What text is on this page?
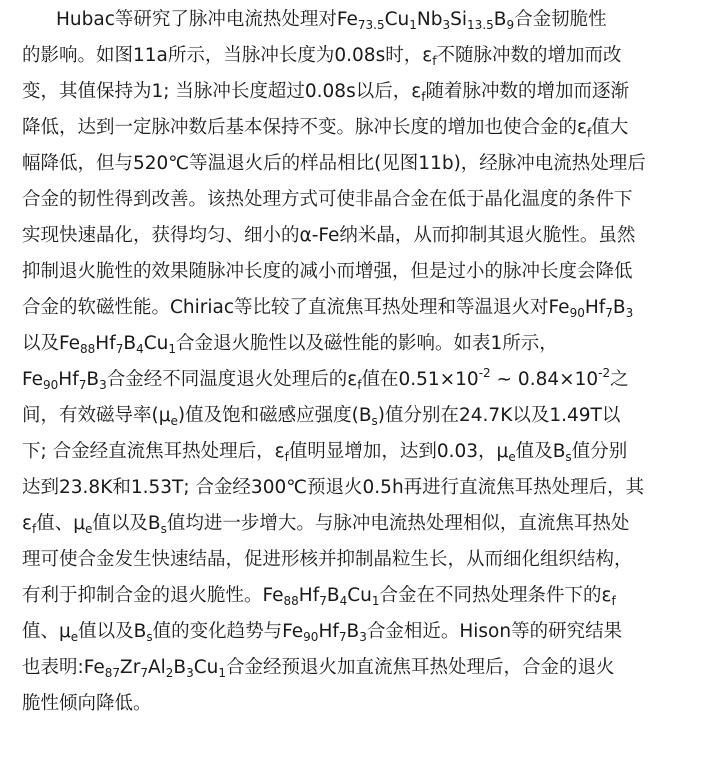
Hubac等研究了脉冲电流热处理对$Fe_{73.5}Cu_1Nb_3Si_{13.5}B_9$合金韧脆性
的影响。如图11a所示，当脉冲长度为0.08s时，$\varepsilon_f$不随脉冲数的增加而改
变，其值保持为1; 当脉冲长度超过0.08s以后，$\varepsilon_f$随着脉冲数的增加而逐渐
降低，达到一定脉冲数后基本保持不变。脉冲长度的增加也使合金的$\varepsilon_f$值大
幅降低，但与520℃等温退火后的样品相比(见图11b)，经脉冲电流热处理后
合金的韧性得到改善。该热处理方式可使非晶合金在低于晶化温度的条件下
实现快速晶化，获得均匀、细小的α-Fe纳米晶，从而抑制其退火脆性。虽然
抑制退火脆性的效果随脉冲长度的减小而增强，但是过小的脉冲长度会降低
合金的软磁性能。Chiriac等比较了直流焦耳热处理和等温退火对$Fe_{90}Hf_7B_3$
以及$Fe_{88}Hf_7B_4Cu_1$合金退火脆性以及磁性能的影响。如表1所示，
$Fe_{90}Hf_7B_3$合金经不同温度退火处理后的$\varepsilon_f$值在$0.51\times 10^{-2}$ ~ $0.84\times 10^{-2}$之
间，有效磁导率$(\mu_e)$值及饱和磁感应强度$(B_s)$值分别在24.7K以及1.49T以
下; 合金经直流焦耳热处理后，$\varepsilon_f$值明显增加，达到0.03，$\mu_e$值及$B_s$值分别
达到23.8K和1.53T; 合金经300℃预退火0.5h再进行直流焦耳热处理后，其
$\varepsilon_f$值、$\mu_e$值以及$B_s$值均进一步增大。与脉冲电流热处理相似，直流焦耳热处
理可使合金发生快速结晶，促进形核并抑制晶粒生长，从而细化组织结构，
有利于抑制合金的退火脆性。$Fe_{88}Hf_7B_4Cu_1$合金在不同热处理条件下的$\varepsilon_f$
值、$\mu_e$值以及$B_s$值的变化趋势与$Fe_{90}Hf_7B_3$合金相近。Hison等的研究结果
也表明$:Fe_{87}Zr_7Al_2B_3Cu_1$合金经预退火加直流焦耳热处理后，合金的退火
脆性倾向降低。
